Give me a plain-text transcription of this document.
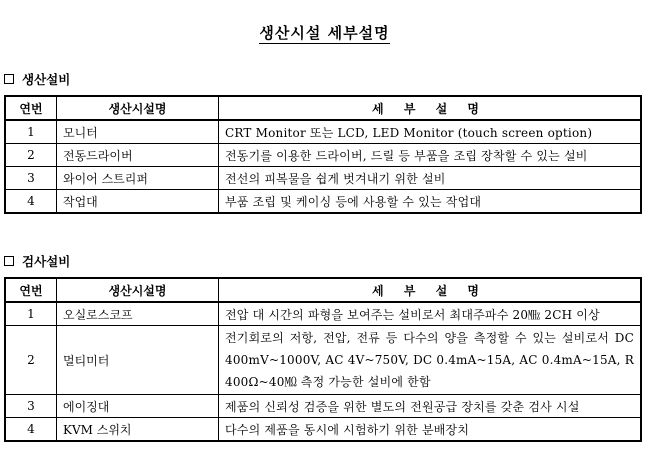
생산시설 세부설명
생산설비
연번	생산시설명	세 부 설 명
1	모니터	CRT Monitor 또는 LCD, LED Monitor (touch screen option)
2	전동드라이버	전동기를 이용한 드라이버, 드릴 등 부품을 조립 장착할 수 있는 설비
3	와이어 스트리퍼	전선의 피복물을 쉽게 벗겨내기 위한 설비
4	작업대	부품 조립 및 케이싱 등에 사용할 수 있는 작업대
검사설비
연번	생산시설명	세 부 설 명
1	오실로스코프	전압 대 시간의 파형을 보여주는 설비로서 최대주파수 20㎒ 2CH 이상
2	멀티미터	전기회로의 저항, 전압, 전류 등 다수의 양을 측정할 수 있는 설비로서 DC 400mV~1000V, AC 4V~750V, DC 0.4mA~15A, AC 0.4mA~15A, R 400Ω~40㏁ 측정 가능한 설비에 한함
3	에이징대	제품의 신뢰성 검증을 위한 별도의 전원공급 장치를 갖춘 검사 시설
4	KVM 스위치	다수의 제품을 동시에 시험하기 위한 분배장치
